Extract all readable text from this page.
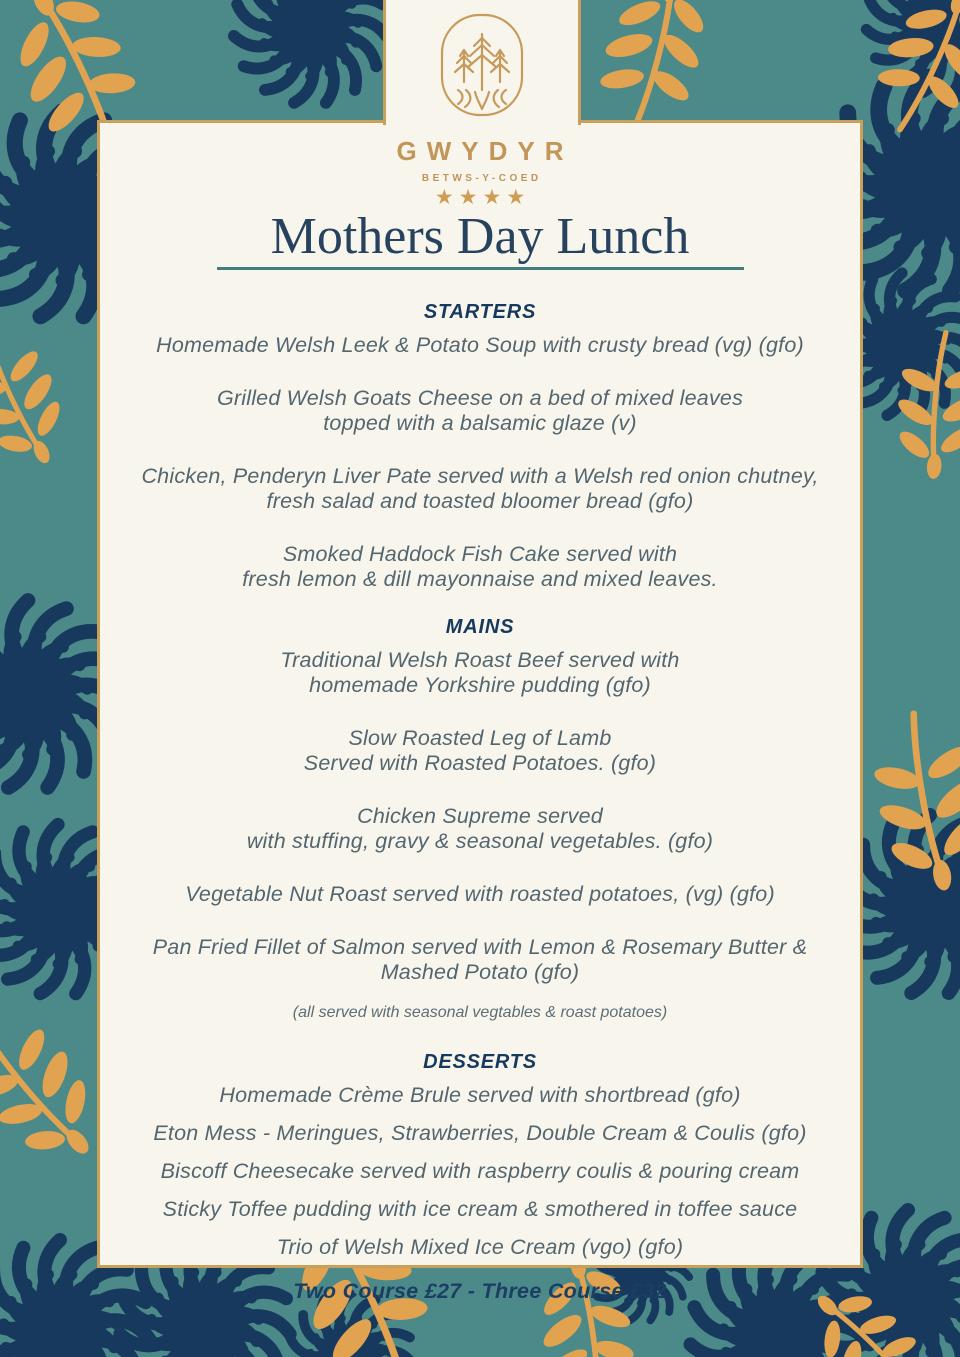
GWYDYR
BETWS-Y-COED
★★★★
Mothers Day Lunch
STARTERS
Homemade Welsh Leek & Potato Soup with crusty bread (vg) (gfo)
Grilled Welsh Goats Cheese on a bed of mixed leaves
topped with a balsamic glaze (v)
Chicken, Penderyn Liver Pate served with a Welsh red onion chutney,
fresh salad and toasted bloomer bread (gfo)
Smoked Haddock Fish Cake served with
fresh lemon & dill mayonnaise and mixed leaves.
MAINS
Traditional Welsh Roast Beef served with
homemade Yorkshire pudding (gfo)
Slow Roasted Leg of Lamb
Served with Roasted Potatoes. (gfo)
Chicken Supreme served
with stuffing, gravy & seasonal vegetables. (gfo)
Vegetable Nut Roast served with roasted potatoes, (vg) (gfo)
Pan Fried Fillet of Salmon served with Lemon & Rosemary Butter &
Mashed Potato (gfo)
(all served with seasonal vegtables & roast potatoes)
DESSERTS
Homemade Crème Brule served with shortbread (gfo)
Eton Mess - Meringues, Strawberries, Double Cream & Coulis (gfo)
Biscoff Cheesecake served with raspberry coulis & pouring cream
Sticky Toffee pudding with ice cream & smothered in toffee sauce
Trio of Welsh Mixed Ice Cream (vgo) (gfo)
Two Course £27 - Three Course £32
